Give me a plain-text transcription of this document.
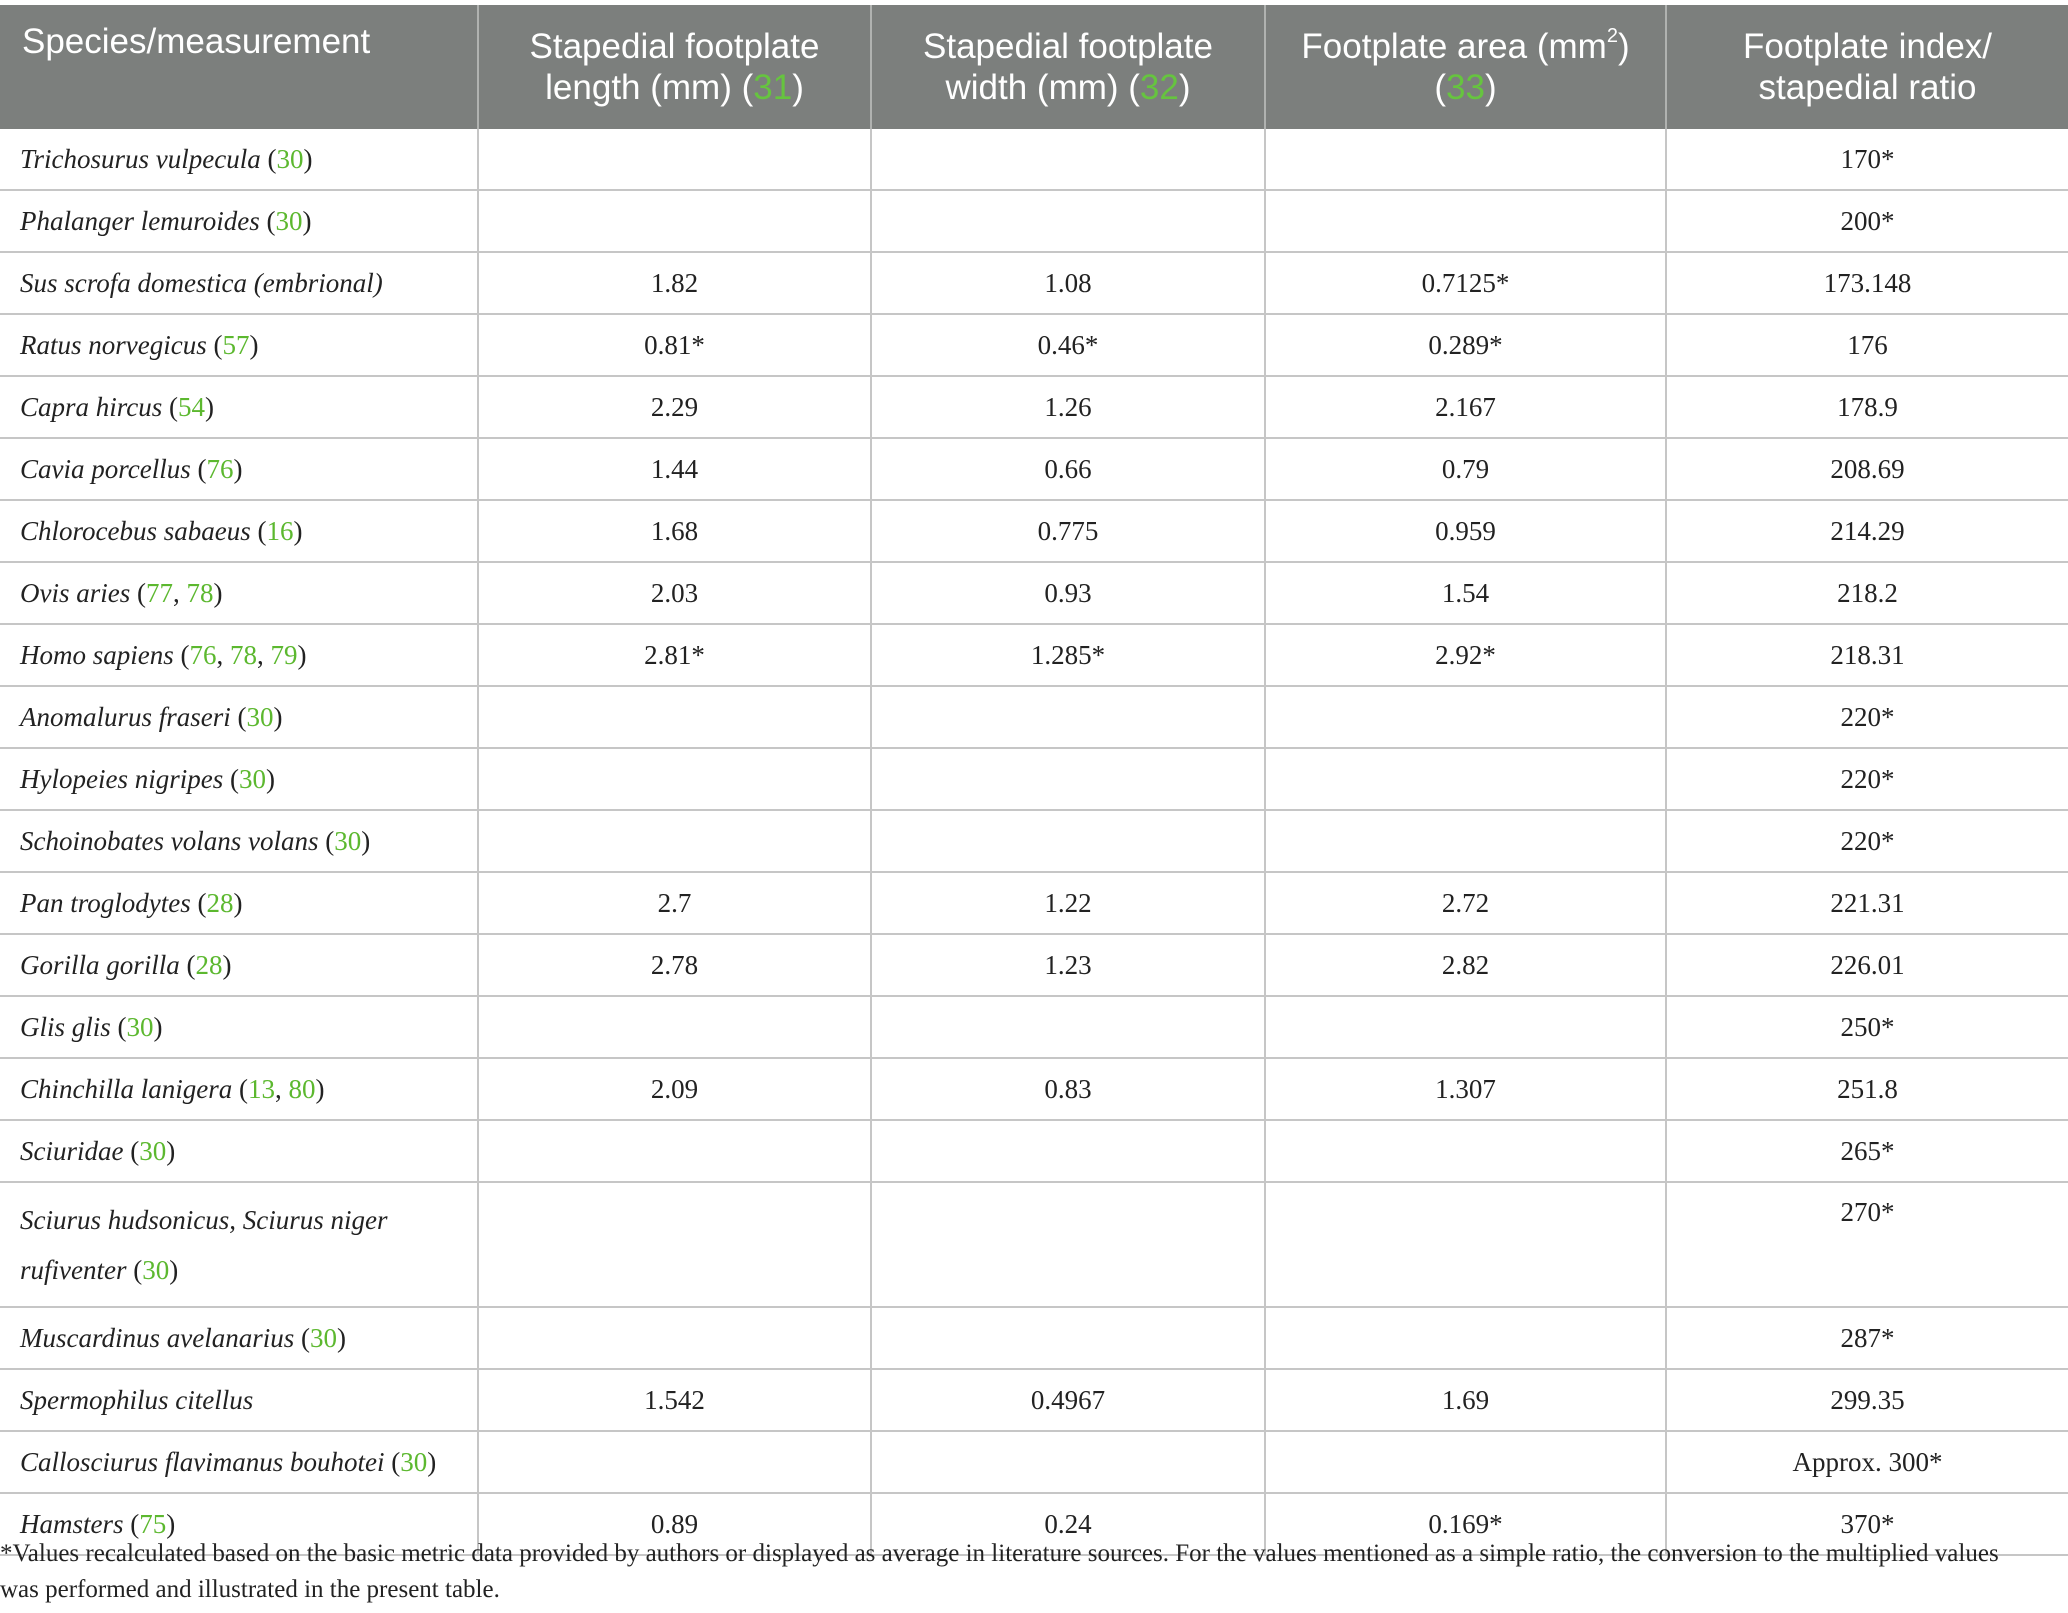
Species/measurement	Stapedial footplate length (mm) (31)	Stapedial footplate width (mm) (32)	Footplate area $(mm^2)$ (33)	Footplate index/ stapedial ratio
Trichosurus vulpecula (30)				170*
Phalanger lemuroides (30)				200*
Sus scrofa domestica (embrional)	1.82	1.08	0.7125*	173.148
Ratus norvegicus (57)	0.81*	0.46*	0.289*	176
Capra hircus (54)	2.29	1.26	2.167	178.9
Cavia porcellus (76)	1.44	0.66	0.79	208.69
Chlorocebus sabaeus (16)	1.68	0.775	0.959	214.29
Ovis aries (77, 78)	2.03	0.93	1.54	218.2
Homo sapiens (76, 78, 79)	2.81*	1.285*	2.92*	218.31
Anomalurus fraseri (30)				220*
Hylopeies nigripes (30)				220*
Schoinobates volans volans (30)				220*
Pan troglodytes (28)	2.7	1.22	2.72	221.31
Gorilla gorilla (28)	2.78	1.23	2.82	226.01
Glis glis (30)				250*
Chinchilla lanigera (13, 80)	2.09	0.83	1.307	251.8
Sciuridae (30)				265*
Sciurus hudsonicus, Sciurus niger rufiventer (30)				270*
Muscardinus avelanarius (30)				287*
Spermophilus citellus	1.542	0.4967	1.69	299.35
Callosciurus flavimanus bouhotei (30)				Approx. 300*
Hamsters (75)	0.89	0.24	0.169*	370*
*Values recalculated based on the basic metric data provided by authors or displayed as average in literature sources. For the values mentioned as a simple ratio, the conversion to the multiplied values was performed and illustrated in the present table.
